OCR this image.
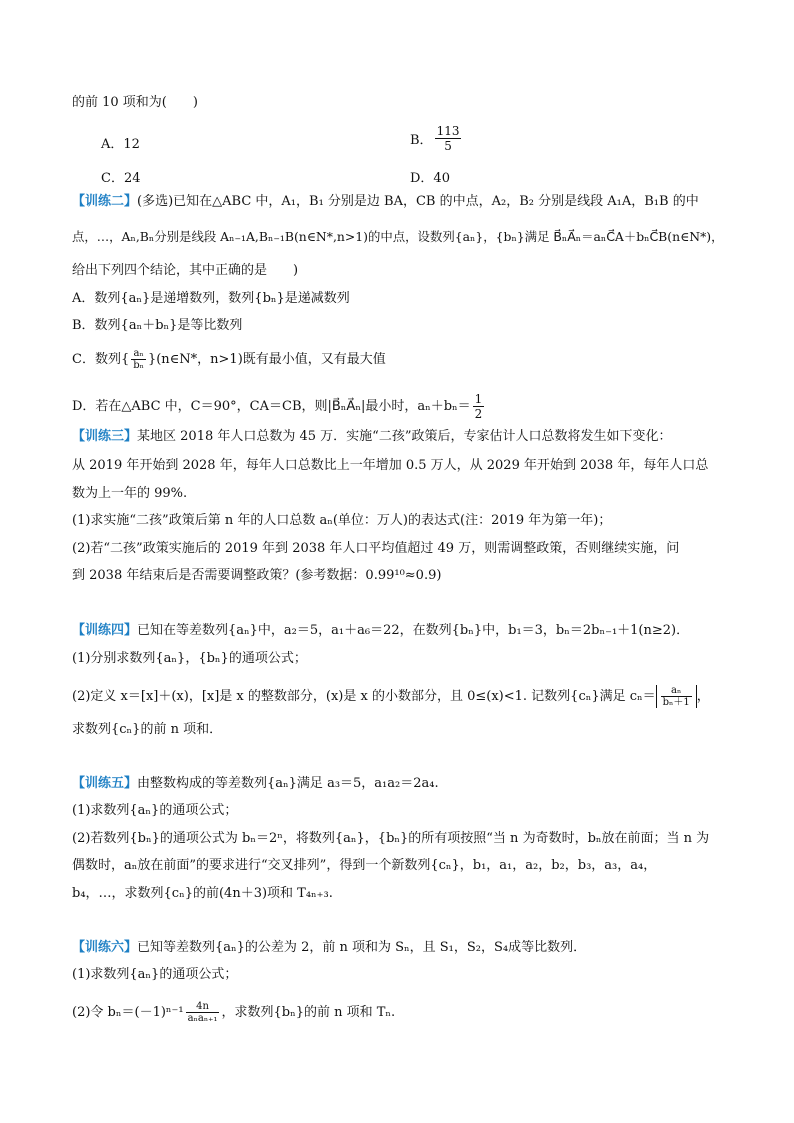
的前 10 项和为(　　)
A．12	B． $\frac{113}{5}$
C．24	D．40
【训练二】(多选)已知在△ABC 中，A₁，B₁ 分别是边 BA，CB 的中点，A₂，B₂ 分别是线段 A₁A，B₁B 的中
点，…，Aₙ,Bₙ分别是线段 Aₙ₋₁A,Bₙ₋₁B(n∈N*,n>1)的中点，设数列{aₙ}，{bₙ}满足 B⃗ₙA⃗ₙ＝aₙC⃗A＋bₙC⃗B(n∈N*)，
给出下列四个结论，其中正确的是　　)
A．数列{aₙ}是递增数列，数列{bₙ}是递减数列
B．数列{aₙ＋bₙ}是等比数列
C．数列{ $\frac{\text{aₙ}}{\text{bₙ}}$ }(n∈N*，n>1)既有最小值，又有最大值
D．若在△ABC 中，C＝90°，CA＝CB，则|B⃗ₙA⃗ₙ|最小时，$a_n+b_n= \frac{1}{2}$
【训练三】某地区 2018 年人口总数为 45 万．实施“二孩”政策后，专家估计人口总数将发生如下变化：
从 2019 年开始到 2028 年，每年人口总数比上一年增加 0.5 万人，从 2029 年开始到 2038 年，每年人口总
数为上一年的 99%.
(1)求实施“二孩”政策后第 n 年的人口总数 aₙ(单位：万人)的表达式(注：2019 年为第一年)；
(2)若“二孩”政策实施后的 2019 年到 2038 年人口平均值超过 49 万，则需调整政策，否则继续实施，问
到 2038 年结束后是否需要调整政策？(参考数据：0.99¹⁰≈0.9)
【训练四】已知在等差数列{aₙ}中，a₂＝5，a₁＋a₆＝22，在数列{bₙ}中，b₁＝3，bₙ＝2bₙ₋₁＋1(n≥2)．
(1)分别求数列{aₙ}，{bₙ}的通项公式；
(2)定义 x＝[x]＋(x)，[x]是 x 的整数部分，(x)是 x 的小数部分，且 0≤(x)<1. 记数列{cₙ}满足 $c_n= \frac{\text{aₙ}}{\text{bₙ＋1}}$ ，
求数列{cₙ}的前 n 项和．
【训练五】由整数构成的等差数列{aₙ}满足 a₃＝5，a₁a₂＝2a₄.
(1)求数列{aₙ}的通项公式；
(2)若数列{bₙ}的通项公式为 bₙ＝2ⁿ，将数列{aₙ}，{bₙ}的所有项按照“当 n 为奇数时，bₙ放在前面；当 n 为
偶数时，aₙ放在前面”的要求进行“交叉排列”，得到一个新数列{cₙ}，b₁，a₁，a₂，b₂，b₃，a₃，a₄，
b₄，…，求数列{cₙ}的前(4n＋3)项和 T₄ₙ₊₃.
【训练六】已知等差数列{aₙ}的公差为 2，前 n 项和为 Sₙ，且 S₁，S₂，S₄成等比数列．
(1)求数列{aₙ}的通项公式；
(2)令 $b_n=(-1)^{n-1} \frac{4n}{\text{aₙaₙ₊₁}}$ ，求数列{bₙ}的前 n 项和 Tₙ.
